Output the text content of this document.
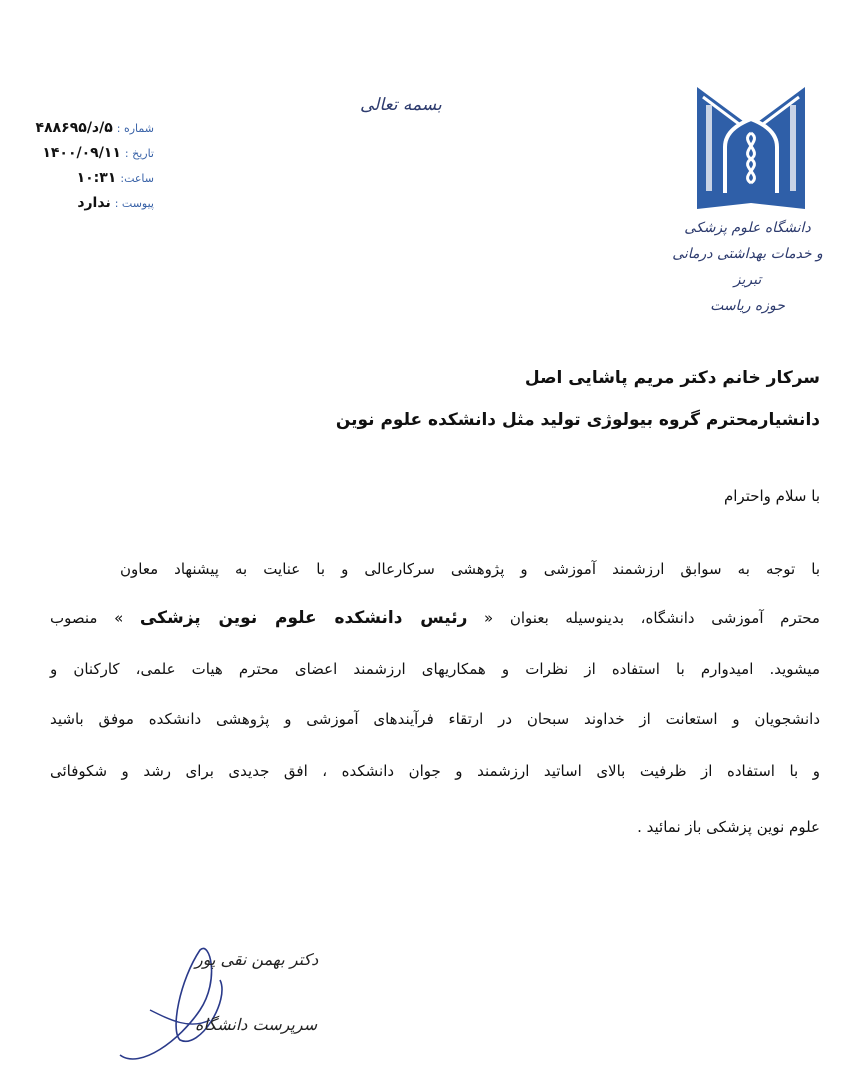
شماره :
۵/د/۴۸۸۶۹۵
تاریخ :
۱۴۰۰/۰۹/۱۱
ساعت:
۱۰:۳۱
پیوست :
ندارد
بسمه تعالی
دانشگاه علوم پزشکی
و خدمات بهداشتی درمانی تبریز
حوزه ریاست
سرکار خانم دکتر مریم پاشایی اصل
دانشیارمحترم گروه بیولوژی تولید مثل دانشکده علوم نوین
با سلام واحترام
با توجه به سوابق ارزشمند آموزشی و پژوهشی سرکارعالی و با عنایت به پیشنهاد معاون
محترم آموزشی دانشگاه، بدینوسیله بعنوان « رئیس دانشکده علوم نوین پزشکی » منصوب
میشوید. امیدوارم با استفاده از نظرات و همکاریهای ارزشمند اعضای محترم هیات علمی، کارکنان و
دانشجویان و استعانت از خداوند سبحان در ارتقاء فرآیندهای آموزشی و پژوهشی دانشکده موفق باشید
و با استفاده از ظرفیت بالای اساتید ارزشمند و جوان دانشکده ، افق جدیدی برای رشد و شکوفائی
علوم نوین پزشکی باز نمائید .
دکتر بهمن نقی پور
سرپرست دانشگاه
